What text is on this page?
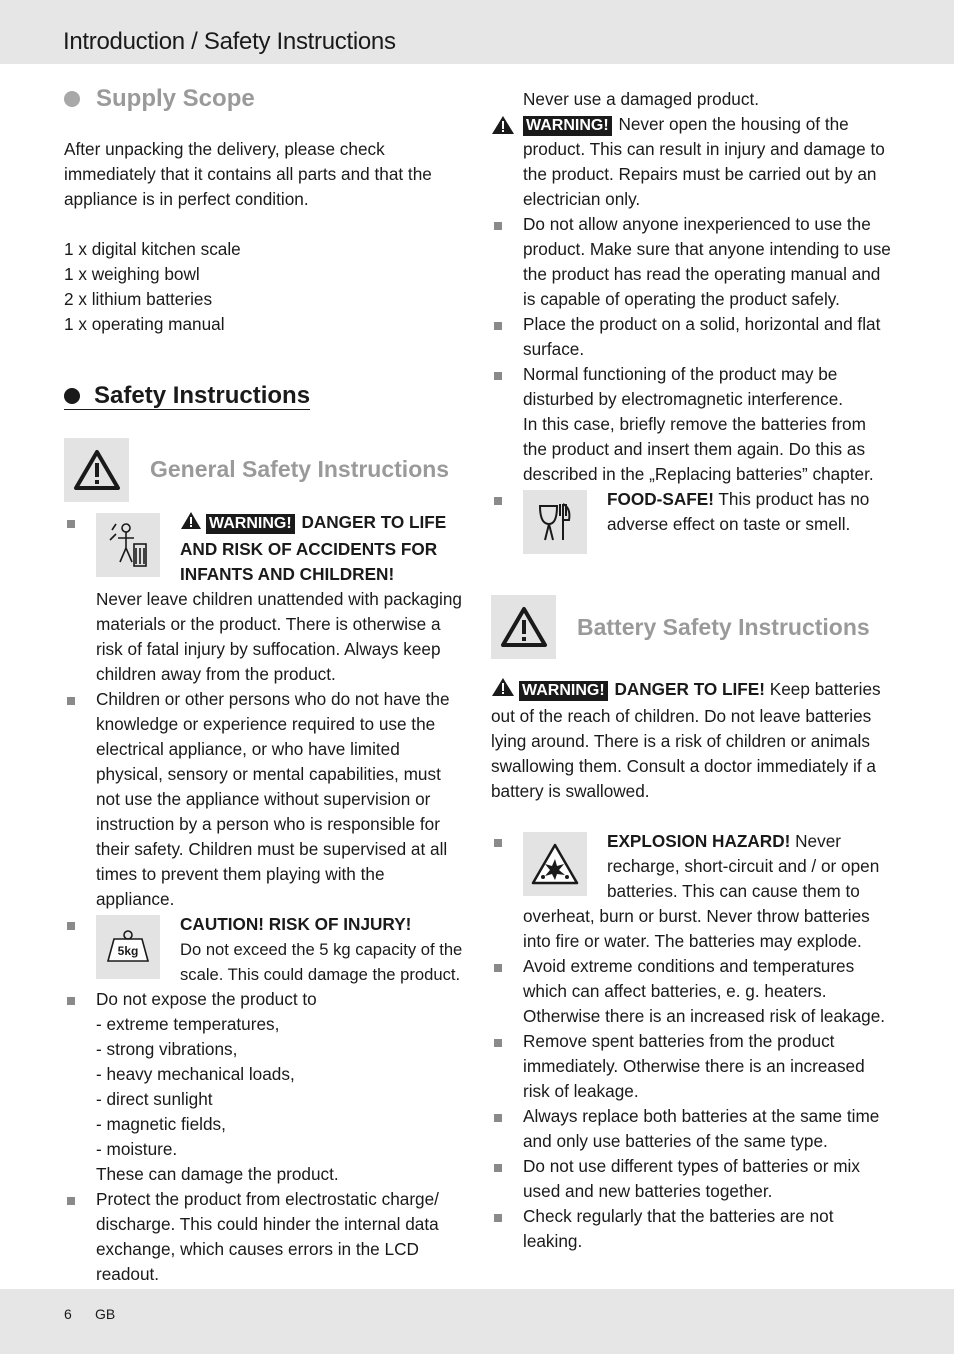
Introduction / Safety Instructions
Supply Scope

After unpacking the delivery, please check immediately that it contains all parts and that the appliance is in perfect condition.

1 x digital kitchen scale
1 x weighing bowl
2 x lithium batteries
1 x operating manual
Safety Instructions
General Safety Instructions
WARNING! DANGER TO LIFE AND RISK OF ACCIDENTS FOR INFANTS AND CHILDREN!
Never leave children unattended with packaging materials or the product. There is otherwise a risk of fatal injury by suffocation. Always keep children away from the product.
Children or other persons who do not have the knowledge or experience required to use the electrical appliance, or who have limited physical, sensory or mental capabilities, must not use the appliance without supervision or instruction by a person who is responsible for their safety. Children must be supervised at all times to prevent them playing with the appliance.
5kg
CAUTION! RISK OF INJURY!
Do not exceed the 5 kg capacity of the scale. This could damage the product.
Do not expose the product to
- extreme temperatures,
- strong vibrations,
- heavy mechanical loads,
- direct sunlight
- magnetic fields,
- moisture.
These can damage the product.
Protect the product from electrostatic charge/ discharge. This could hinder the internal data exchange, which causes errors in the LCD readout.
Never use a damaged product.
WARNING! Never open the housing of the product. This can result in injury and damage to the product. Repairs must be carried out by an electrician only.
Do not allow anyone inexperienced to use the product. Make sure that anyone intending to use the product has read the operating manual and is capable of operating the product safely.
Place the product on a solid, horizontal and flat surface.
Normal functioning of the product may be disturbed by electromagnetic interference.
In this case, briefly remove the batteries from the product and insert them again. Do this as described in the „Replacing batteries” chapter.
FOOD-SAFE! This product has no adverse effect on taste or smell.
Battery Safety Instructions
WARNING! DANGER TO LIFE! Keep batteries out of the reach of children. Do not leave batteries lying around. There is a risk of children or animals swallowing them. Consult a doctor immediately if a battery is swallowed.
EXPLOSION HAZARD! Never recharge, short-circuit and / or open batteries. This can cause them to overheat, burn or burst. Never throw batteries into fire or water. The batteries may explode.
Avoid extreme conditions and temperatures which can affect batteries, e. g. heaters. Otherwise there is an increased risk of leakage.
Remove spent batteries from the product immediately. Otherwise there is an increased risk of leakage.
Always replace both batteries at the same time and only use batteries of the same type.
Do not use different types of batteries or mix used and new batteries together.
Check regularly that the batteries are not leaking.
6 GB
